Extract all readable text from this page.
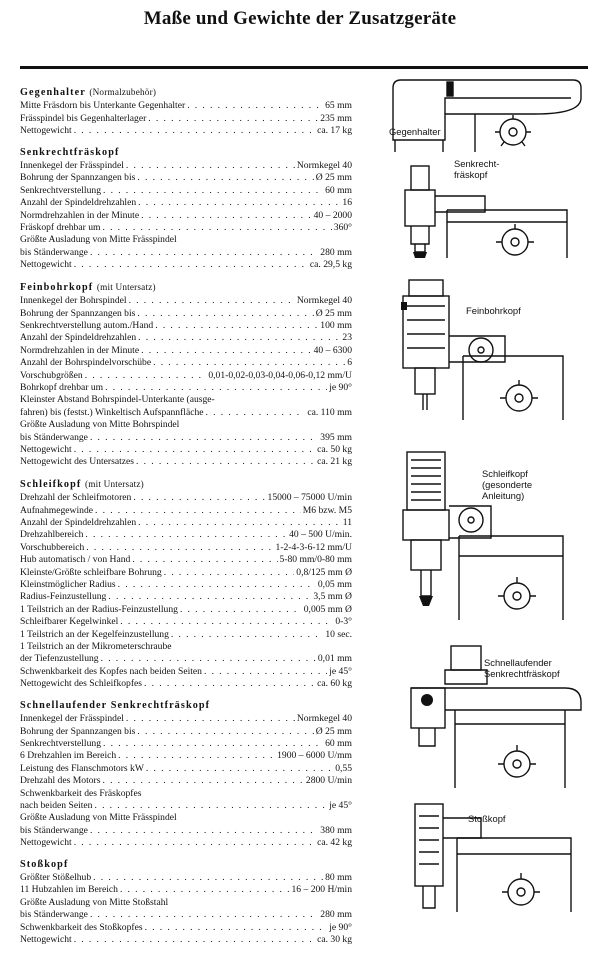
Maße und Gewichte der Zusatzgeräte
Gegenhalter (Normalzubehör)
Mitte Fräsdorn bis Unterkante Gegenhalter . . .	65 mm
Frässpindel bis Gegenhalterlager . . .	235 mm
Nettogewicht . . .	ca. 17 kg
Senkrechtfräskopf
Innenkegel der Frässpindel . . .	Normkegel 40
Bohrung der Spannzangen bis . . .	Ø 25 mm
Senkrechtverstellung . . .	60 mm
Anzahl der Spindeldrehzahlen . . .	16
Normdrehzahlen in der Minute . . .	40 – 2000
Fräskopf drehbar um . . .	360°
Größte Ausladung von Mitte Frässpindel
bis Ständerwange . . .	280 mm
Nettogewicht . . .	ca. 29,5 kg
Feinbohrkopf (mit Untersatz)
Innenkegel der Bohrspindel . . .	Normkegel 40
Bohrung der Spannzangen bis . . .	Ø 25 mm
Senkrechtverstellung autom./Hand . . .	100 mm
Anzahl der Spindeldrehzahlen . . .	23
Normdrehzahlen in der Minute . . .	40 – 6300
Anzahl der Bohrspindelvorschübe . . .	6
Vorschubgrößen . . .	0,01-0,02-0,03-0,04-0,06-0,12 mm/U
Bohrkopf drehbar um . . .	je 90°
Kleinster Abstand Bohrspindel-Unterkante (ausge-
fahren) bis (festst.) Winkeltisch Aufspannfläche . . .	ca. 110 mm
Größte Ausladung von Mitte Bohrspindel
bis Ständerwange . . .	395 mm
Nettogewicht . . .	ca. 50 kg
Nettogewicht des Untersatzes . . .	ca. 21 kg
Schleifkopf (mit Untersatz)
Drehzahl der Schleifmotoren . . .	15000 – 75000 U/min
Aufnahmegewinde . . .	M6 bzw. M5
Anzahl der Spindeldrehzahlen . . .	11
Drehzahlbereich . . .	40 – 500 U/min.
Vorschubbereich . . .	1-2-4-3-6-12 mm/U
Hub automatisch / von Hand . . .	5-80 mm/0-80 mm
Kleinste/Größte schleifbare Bohrung . . .	0,8/125 mm Ø
Kleinstmöglicher Radius . . .	0,05 mm
Radius-Feinzustellung . . .	3,5 mm Ø
1 Teilstrich an der Radius-Feinzustellung . . .	0,005 mm Ø
Schleifbarer Kegelwinkel . . .	0-3°
1 Teilstrich an der Kegelfeinzustellung . . .	10 sec.
1 Teilstrich an der Mikrometerschraube
der Tiefenzustellung . . .	0,01 mm
Schwenkbarkeit des Kopfes nach beiden Seiten . . .	je 45°
Nettogewicht des Schleifkopfes . . .	ca. 60 kg
Schnellaufender Senkrechtfräskopf
Innenkegel der Frässpindel . . .	Normkegel 40
Bohrung der Spannzangen bis . . .	Ø 25 mm
Senkrechtverstellung . . .	60 mm
6 Drehzahlen im Bereich . . .	1900 – 6000 U/mm
Leistung des Flanschmotors kW . . .	0,55
Drehzahl des Motors . . .	2800 U/min
Schwenkbarkeit des Fräskopfes
nach beiden Seiten . . .	je 45°
Größte Ausladung von Mitte Frässpindel
bis Ständerwange . . .	380 mm
Nettogewicht . . .	ca. 42 kg
Stoßkopf
Größter Stößelhub . . .	80 mm
11 Hubzahlen im Bereich . . .	16 – 200 H/min
Größte Ausladung von Mitte Stoßstahl
bis Ständerwange . . .	280 mm
Schwenkbarkeit des Stoßkopfes . . .	je 90°
Nettogewicht . . .	ca. 30 kg
Gegenhalter
Senkrecht-
fräskopf
Feinbohrkopf
Schleifkopf
(gesonderte
Anleitung)
Schnellaufender
Senkrechtfräskopf
Stoßkopf
